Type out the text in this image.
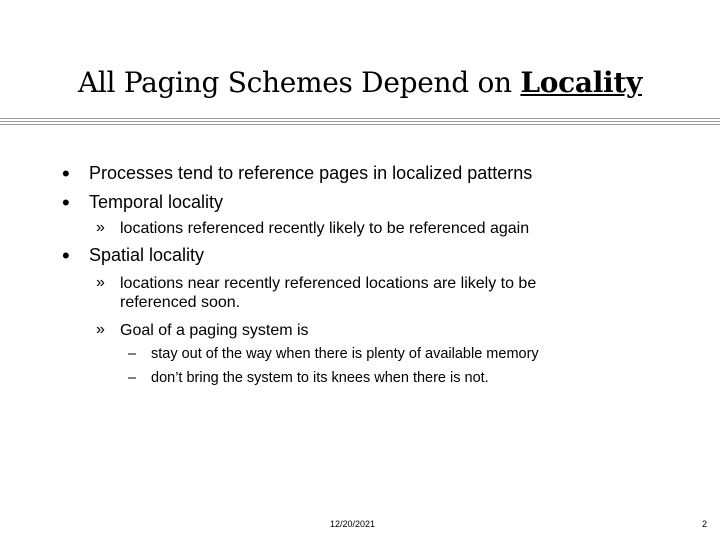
All Paging Schemes Depend on Locality
• Processes tend to reference pages in localized patterns
• Temporal locality
» locations referenced recently likely to be referenced again
• Spatial locality
» locations near recently referenced locations are likely to be
referenced soon.
» Goal of a paging system is
– stay out of the way when there is plenty of available memory
– don’t bring the system to its knees when there is not.
12/20/2021	2
